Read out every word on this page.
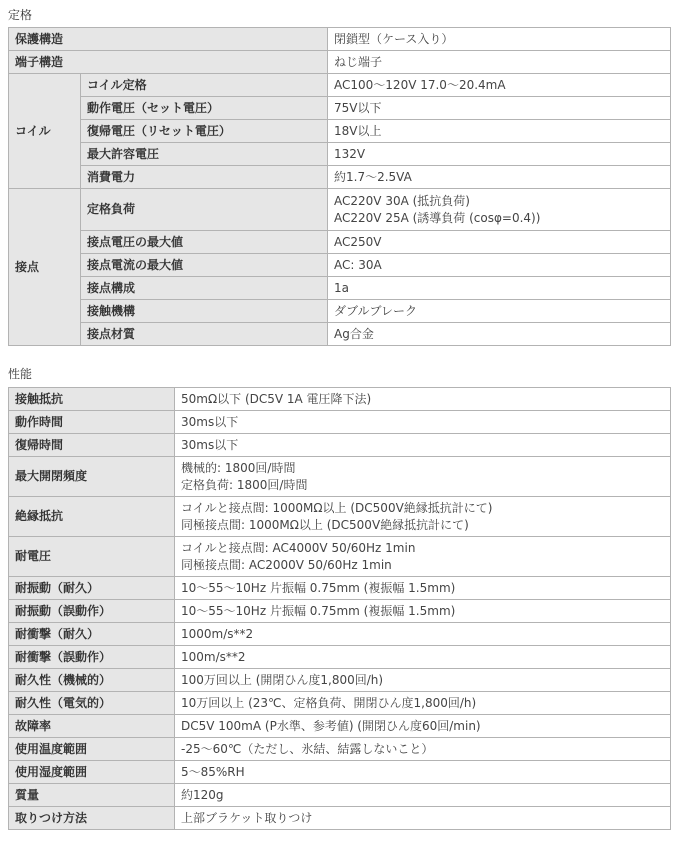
定格
保護構造		閉鎖型（ケース入り）
端子構造		ねじ端子
コイル	コイル定格	AC100～120V 17.0～20.4mA
	動作電圧（セット電圧）	75V以下
	復帰電圧（リセット電圧）	18V以上
	最大許容電圧	132V
	消費電力	約1.7～2.5VA
接点	定格負荷	AC220V 30A (抵抗負荷)
AC220V 25A (誘導負荷 (cosφ=0.4))

	接点電圧の最大値	AC250V
	接点電流の最大値	AC: 30A
	接点構成	1a
	接触機構	ダブルブレーク
	接点材質	Ag合金
性能
接触抵抗	50mΩ以下 (DC5V 1A 電圧降下法)
動作時間	30ms以下
復帰時間	30ms以下
最大開閉頻度	機械的: 1800回/時間
定格負荷: 1800回/時間

絶縁抵抗	コイルと接点間: 1000MΩ以上 (DC500V絶縁抵抗計にて)
同極接点間: 1000MΩ以上 (DC500V絶縁抵抗計にて)

耐電圧	コイルと接点間: AC4000V 50/60Hz 1min
同極接点間: AC2000V 50/60Hz 1min

耐振動（耐久）	10～55～10Hz 片振幅 0.75mm (複振幅 1.5mm)
耐振動（誤動作）	10～55～10Hz 片振幅 0.75mm (複振幅 1.5mm)
耐衝撃（耐久）	1000m/s**2
耐衝撃（誤動作）	100m/s**2
耐久性（機械的）	100万回以上 (開閉ひん度1,800回/h)
耐久性（電気的）	10万回以上 (23℃、定格負荷、開閉ひん度1,800回/h)
故障率	DC5V 100mA (P水準、参考値) (開閉ひん度60回/min)
使用温度範囲	-25～60℃（ただし、氷結、結露しないこと）
使用湿度範囲	5～85%RH
質量	約120g
取りつけ方法	上部ブラケット取りつけ
